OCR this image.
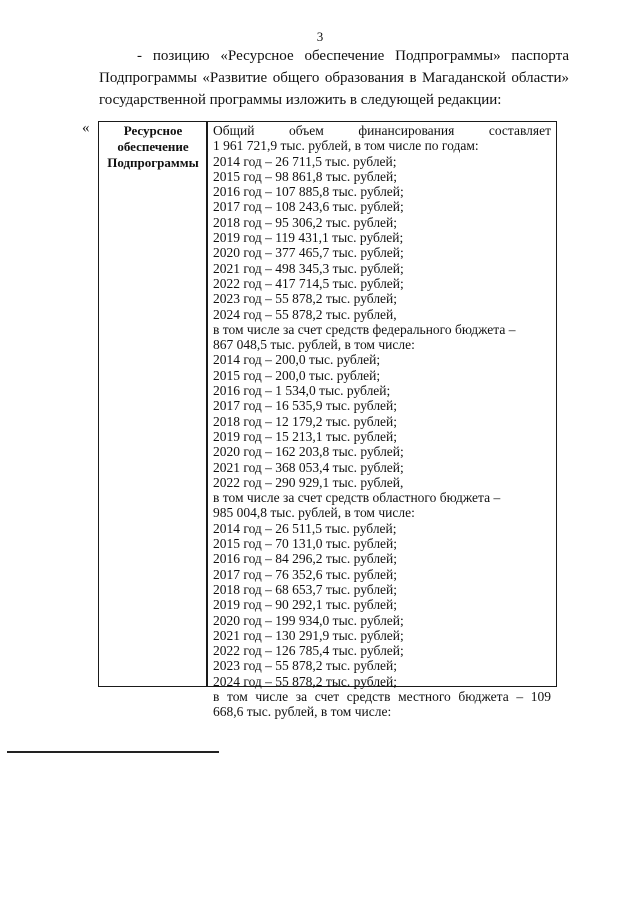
3
- позицию «Ресурсное обеспечение Подпрограммы» паспорта
Подпрограммы «Развитие общего образования в Магаданской области»
государственной программы изложить в следующей редакции:
«	Ресурсное
обеспечение
Подпрограммы
Общий объем финансирования составляет
1 961 721,9 тыс. рублей, в том числе по годам:
2014 год – 26 711,5 тыс. рублей;
2015 год – 98 861,8 тыс. рублей;
2016 год – 107 885,8 тыс. рублей;
2017 год – 108 243,6 тыс. рублей;
2018 год – 95 306,2 тыс. рублей;
2019 год – 119 431,1 тыс. рублей;
2020 год – 377 465,7 тыс. рублей;
2021 год – 498 345,3 тыс. рублей;
2022 год – 417 714,5 тыс. рублей;
2023 год – 55 878,2 тыс. рублей;
2024 год – 55 878,2 тыс. рублей,
в том числе за счет средств федерального бюджета –
867 048,5 тыс. рублей, в том числе:
2014 год – 200,0 тыс. рублей;
2015 год – 200,0 тыс. рублей;
2016 год – 1 534,0 тыс. рублей;
2017 год – 16 535,9 тыс. рублей;
2018 год – 12 179,2 тыс. рублей;
2019 год – 15 213,1 тыс. рублей;
2020 год – 162 203,8 тыс. рублей;
2021 год – 368 053,4 тыс. рублей;
2022 год – 290 929,1 тыс. рублей,
в том числе за счет средств областного бюджета –
985 004,8 тыс. рублей, в том числе:
2014 год – 26 511,5 тыс. рублей;
2015 год – 70 131,0 тыс. рублей;
2016 год – 84 296,2 тыс. рублей;
2017 год – 76 352,6 тыс. рублей;
2018 год – 68 653,7 тыс. рублей;
2019 год – 90 292,1 тыс. рублей;
2020 год – 199 934,0 тыс. рублей;
2021 год – 130 291,9 тыс. рублей;
2022 год – 126 785,4 тыс. рублей;
2023 год – 55 878,2 тыс. рублей;
2024 год – 55 878,2 тыс. рублей;
в том числе за счет средств местного бюджета – 109
668,6 тыс. рублей, в том числе:
